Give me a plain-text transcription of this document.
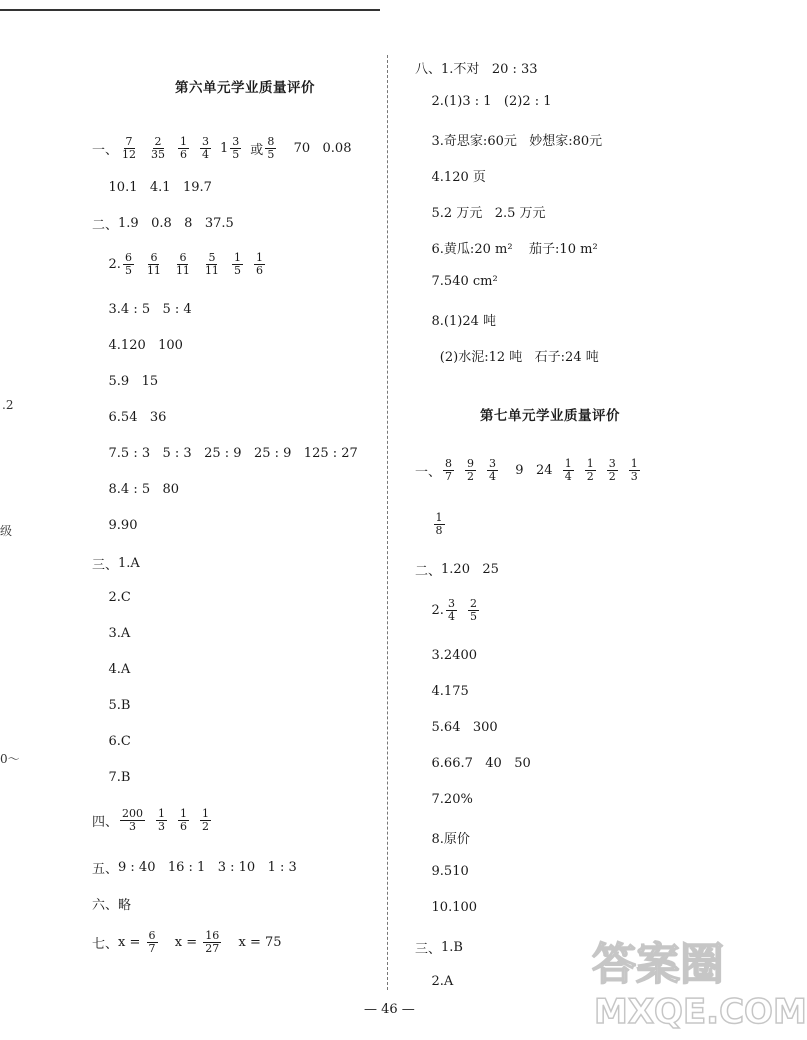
.2
级
0～
第六单元学业质量评价
一、 $\frac{7}{12} \frac{2}{35} \frac{1}{6} \frac{3}{4} 1 \frac{3}{5}$ 或 $\frac{8}{5} 70$   0.08

10.1   4.1   19.7
二、 1.9   0.8   8   37.5

2. $\frac{6}{5} \frac{6}{11} \frac{6}{11} \frac{5}{11} \frac{1}{5} \frac{1}{6}$

3.4 : 5   5 : 4

4.120   100

5.9   15

6.54   36

7.5 : 3   5 : 3   25 : 9   25 : 9   125 : 27

8.4 : 5   80

9.90
三、 1.A

2.C

3.A

4.A

5.B

6.C

7.B
四、 $\frac{200}{3} \frac{1}{3} \frac{1}{6} \frac{1}{2}$
五、 9 : 40   16 : 1   3 : 10   1 : 3
六、 略
七、 $x = \frac{6}{7}$ $x = \frac{16}{27}$ x = 75
八、 1.不对   20 : 33

2.(1)3 : 1   (2)2 : 1

3.奇思家:60元   妙想家:80元

4.120 页

5.2 万元   2.5 万元

6.黄瓜:20 m²    茄子:10 m²

7.540 cm²

8.(1)24 吨

(2)水泥:12 吨   石子:24 吨
第七单元学业质量评价
一、 $\frac{8}{7} \frac{9}{2} \frac{3}{4} 9$   $24 \frac{1}{4} \frac{1}{2} \frac{3}{2} \frac{1}{3}$

$\frac{1}{8}$
二、 1.20   25

2. $\frac{3}{4} \frac{2}{5}$

3.2400

4.175

5.64   300

6.66.7   40   50

7.20%

8.原价

9.510

10.100
三、 1.B

2.A
— 46 —
答案圈
MXQE.COM
